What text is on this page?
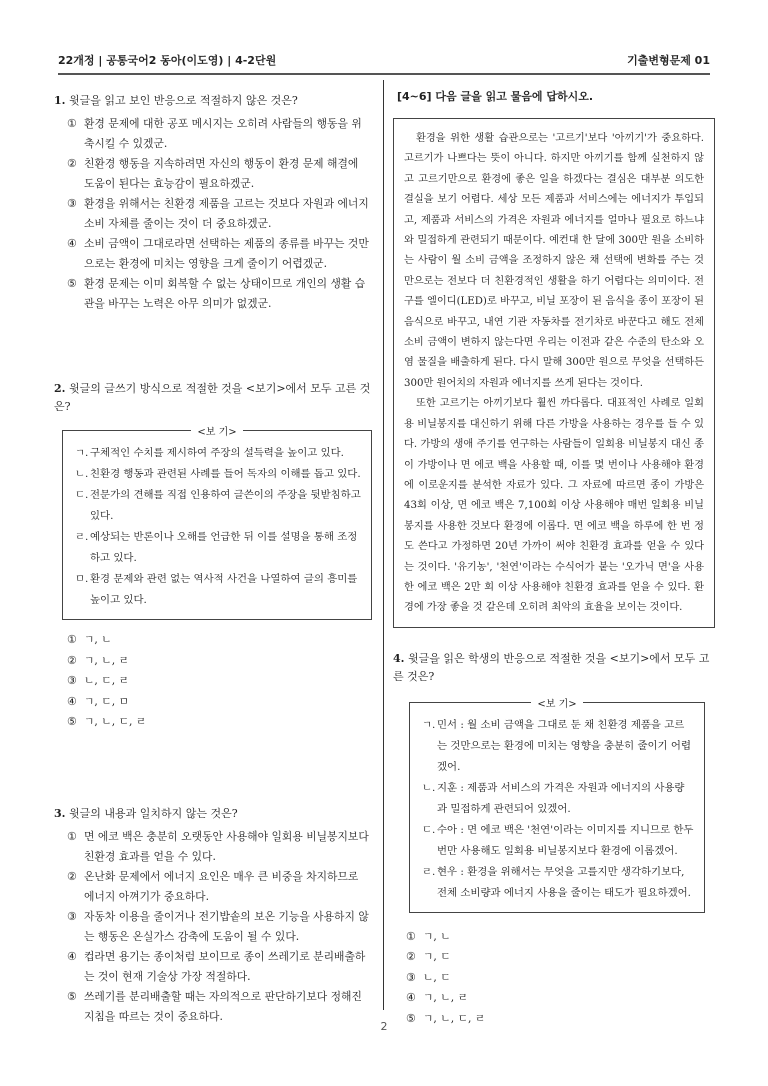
22개정 | 공통국어2 동아(이도영) | 4-2단원	기출변형문제 01
1. 윗글을 읽고 보인 반응으로 적절하지 않은 것은?
① 환경 문제에 대한 공포 메시지는 오히려 사람들의 행동을 위축시킬 수 있겠군.
② 친환경 행동을 지속하려면 자신의 행동이 환경 문제 해결에 도움이 된다는 효능감이 필요하겠군.
③ 환경을 위해서는 친환경 제품을 고르는 것보다 자원과 에너지 소비 자체를 줄이는 것이 더 중요하겠군.
④ 소비 금액이 그대로라면 선택하는 제품의 종류를 바꾸는 것만으로는 환경에 미치는 영향을 크게 줄이기 어렵겠군.
⑤ 환경 문제는 이미 회복할 수 없는 상태이므로 개인의 생활 습관을 바꾸는 노력은 아무 의미가 없겠군.
2. 윗글의 글쓰기 방식으로 적절한 것을 <보기>에서 모두 고른 것은?
<보 기>
ㄱ. 구체적인 수치를 제시하여 주장의 설득력을 높이고 있다.
ㄴ. 친환경 행동과 관련된 사례를 들어 독자의 이해를 돕고 있다.
ㄷ. 전문가의 견해를 직접 인용하여 글쓴이의 주장을 뒷받침하고 있다.
ㄹ. 예상되는 반론이나 오해를 언급한 뒤 이를 설명을 통해 조정하고 있다.
ㅁ. 환경 문제와 관련 없는 역사적 사건을 나열하여 글의 흥미를 높이고 있다.
① ㄱ, ㄴ
② ㄱ, ㄴ, ㄹ
③ ㄴ, ㄷ, ㄹ
④ ㄱ, ㄷ, ㅁ
⑤ ㄱ, ㄴ, ㄷ, ㄹ
3. 윗글의 내용과 일치하지 않는 것은?
① 면 에코 백은 충분히 오랫동안 사용해야 일회용 비닐봉지보다 친환경 효과를 얻을 수 있다.
② 온난화 문제에서 에너지 요인은 매우 큰 비중을 차지하므로 에너지 아껴기가 중요하다.
③ 자동차 이용을 줄이거나 전기밥솥의 보온 기능을 사용하지 않는 행동은 온실가스 감축에 도움이 될 수 있다.
④ 컵라면 용기는 종이처럼 보이므로 종이 쓰레기로 분리배출하는 것이 현재 기술상 가장 적절하다.
⑤ 쓰레기를 분리배출할 때는 자의적으로 판단하기보다 정해진 지침을 따르는 것이 중요하다.
[4~6] 다음 글을 읽고 물음에 답하시오.

환경을 위한 생활 습관으로는 '고르기'보다 '아끼기'가 중요하다. 고르기가 나쁘다는 뜻이 아니다. 하지만 아끼기를 함께 실천하지 않고 고르기만으로 환경에 좋은 일을 하겠다는 결심은 대부분 의도한 결실을 보기 어렵다. 세상 모든 제품과 서비스에는 에너지가 투입되고, 제품과 서비스의 가격은 자원과 에너지를 얼마나 필요로 하느냐와 밀접하게 관련되기 때문이다. 예컨대 한 달에 300만 원을 소비하는 사람이 월 소비 금액을 조정하지 않은 채 선택에 변화를 주는 것만으로는 전보다 더 친환경적인 생활을 하기 어렵다는 의미이다. 전구를 엘이디(LED)로 바꾸고, 비닐 포장이 된 음식을 종이 포장이 된 음식으로 바꾸고, 내연 기관 자동차를 전기차로 바꾼다고 해도 전체 소비 금액이 변하지 않는다면 우리는 이전과 같은 수준의 탄소와 오염 물질을 배출하게 된다. 다시 말해 300만 원으로 무엇을 선택하든 300만 원어치의 자원과 에너지를 쓰게 된다는 것이다.

또한 고르기는 아끼기보다 훨씬 까다롭다. 대표적인 사례로 일회용 비닐봉지를 대신하기 위해 다른 가방을 사용하는 경우를 들 수 있다. 가방의 생애 주기를 연구하는 사람들이 일회용 비닐봉지 대신 종이 가방이나 면 에코 백을 사용할 때, 이를 몇 번이나 사용해야 환경에 이로운지를 분석한 자료가 있다. 그 자료에 따르면 종이 가방은 43회 이상, 면 에코 백은 7,100회 이상 사용해야 매번 일회용 비닐봉지를 사용한 것보다 환경에 이롭다. 면 에코 백을 하루에 한 번 정도 쓴다고 가정하면 20년 가까이 써야 친환경 효과를 얻을 수 있다는 것이다. '유기농', '천연'이라는 수식어가 붙는 '오가닉 면'을 사용한 에코 백은 2만 회 이상 사용해야 친환경 효과를 얻을 수 있다. 환경에 가장 좋을 것 같은데 오히려 최악의 효율을 보이는 것이다.

4. 윗글을 읽은 학생의 반응으로 적절한 것을 <보기>에서 모두 고른 것은?
<보 기>
ㄱ. 민서 : 월 소비 금액을 그대로 둔 채 친환경 제품을 고르는 것만으로는 환경에 미치는 영향을 충분히 줄이기 어렵겠어.
ㄴ. 지훈 : 제품과 서비스의 가격은 자원과 에너지의 사용량과 밀접하게 관련되어 있겠어.
ㄷ. 수아 : 면 에코 백은 '천연'이라는 이미지를 지니므로 한두 번만 사용해도 일회용 비닐봉지보다 환경에 이롭겠어.
ㄹ. 현우 : 환경을 위해서는 무엇을 고를지만 생각하기보다, 전체 소비량과 에너지 사용을 줄이는 태도가 필요하겠어.
① ㄱ, ㄴ
② ㄱ, ㄷ
③ ㄴ, ㄷ
④ ㄱ, ㄴ, ㄹ
⑤ ㄱ, ㄴ, ㄷ, ㄹ
2
